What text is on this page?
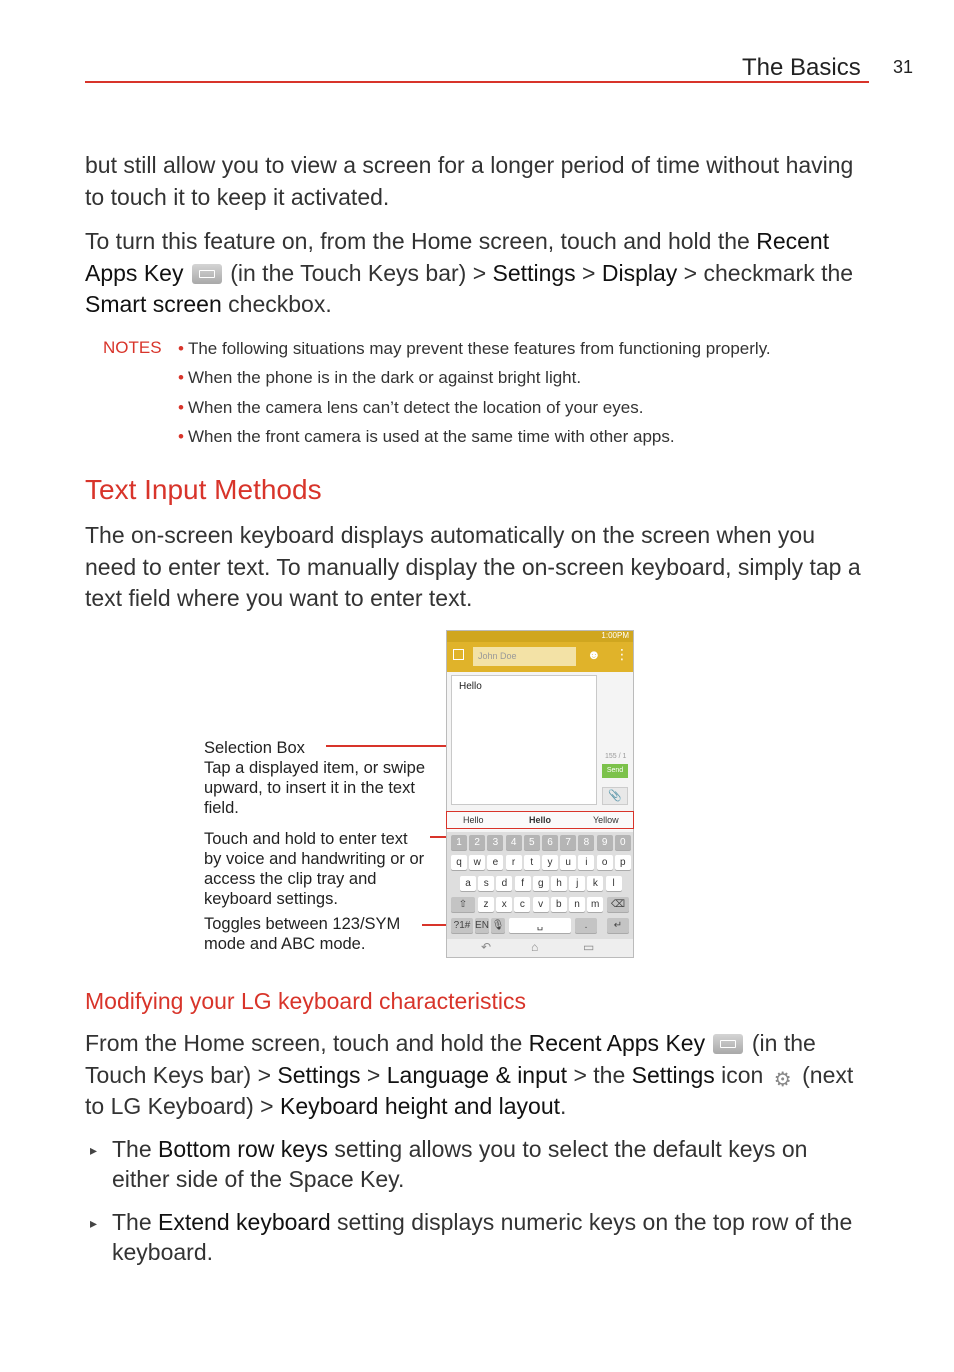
The Basics 31
but still allow you to view a screen for a longer period of time without having to touch it to keep it activated.
To turn this feature on, from the Home screen, touch and hold the Recent Apps Key  (in the Touch Keys bar) > Settings > Display > checkmark the Smart screen checkbox.
NOTES • The following situations may prevent these features from functioning properly.
• When the phone is in the dark or against bright light.
• When the camera lens can’t detect the location of your eyes.
• When the front camera is used at the same time with other apps.
Text Input Methods
The on-screen keyboard displays automatically on the screen when you need to enter text. To manually display the on-screen keyboard, simply tap a text field where you want to enter text.
Selection Box
Tap a displayed item, or swipe upward, to insert it in the text field.
Touch and hold to enter text by voice and handwriting or or access the clip tray and keyboard settings.
Toggles between 123/SYM mode and ABC mode.
1:00PM
John Doe	☻ ⋮
Hello
155 / 1
Send
📎
Hello	Hello	Yellow
1	2	3	4	5	6	7	8	9	0
q	w	e	r	t	y	u	i	o	p
a	s	d	f	g	h	j	k	l
⇧	z	x	c	v	b	n	m	⌫
?1# EN 🎙	␣	.	↵
↶	⌂	▭
Modifying your LG keyboard characteristics
From the Home screen, touch and hold the Recent Apps Key  (in the Touch Keys bar) > Settings > Language & input > the Settings icon ⚙ (next to LG Keyboard) > Keyboard height and layout.
▸ The Bottom row keys setting allows you to select the default keys on either side of the Space Key.
▸ The Extend keyboard setting displays numeric keys on the top row of the keyboard.
